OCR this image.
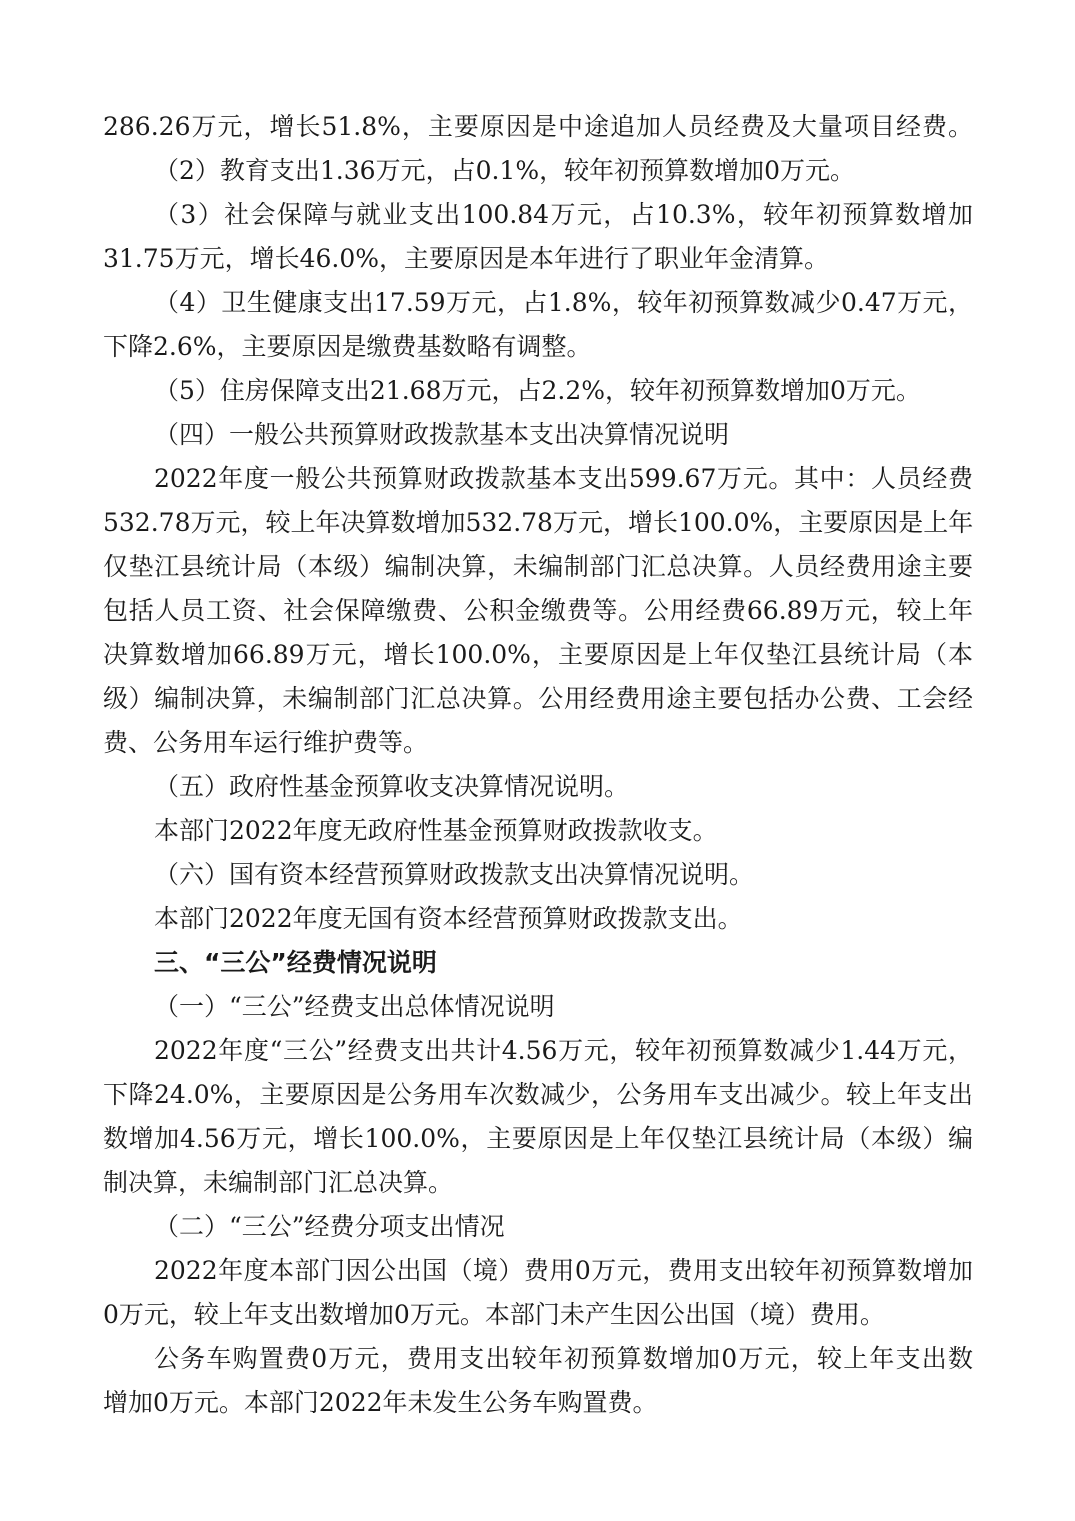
286.26万元，增长51.8%，主要原因是中途追加人员经费及大量项目经费。
（2）教育支出1.36万元，占0.1%，较年初预算数增加0万元。
（3）社会保障与就业支出100.84万元，占10.3%，较年初预算数增加
31.75万元，增长46.0%，主要原因是本年进行了职业年金清算。
（4）卫生健康支出17.59万元，占1.8%，较年初预算数减少0.47万元，
下降2.6%，主要原因是缴费基数略有调整。
（5）住房保障支出21.68万元，占2.2%，较年初预算数增加0万元。
（四）一般公共预算财政拨款基本支出决算情况说明
2022年度一般公共预算财政拨款基本支出599.67万元。其中：人员经费
532.78万元，较上年决算数增加532.78万元，增长100.0%，主要原因是上年
仅垫江县统计局（本级）编制决算，未编制部门汇总决算。人员经费用途主要
包括人员工资、社会保障缴费、公积金缴费等。公用经费66.89万元，较上年
决算数增加66.89万元，增长100.0%，主要原因是上年仅垫江县统计局（本
级）编制决算，未编制部门汇总决算。公用经费用途主要包括办公费、工会经
费、公务用车运行维护费等。
（五）政府性基金预算收支决算情况说明。
本部门2022年度无政府性基金预算财政拨款收支。
（六）国有资本经营预算财政拨款支出决算情况说明。
本部门2022年度无国有资本经营预算财政拨款支出。
三、“三公”经费情况说明
（一）“三公”经费支出总体情况说明
2022年度“三公”经费支出共计4.56万元，较年初预算数减少1.44万元，
下降24.0%，主要原因是公务用车次数减少，公务用车支出减少。较上年支出
数增加4.56万元，增长100.0%，主要原因是上年仅垫江县统计局（本级）编
制决算，未编制部门汇总决算。
（二）“三公”经费分项支出情况
2022年度本部门因公出国（境）费用0万元，费用支出较年初预算数增加
0万元，较上年支出数增加0万元。本部门未产生因公出国（境）费用。
公务车购置费0万元，费用支出较年初预算数增加0万元，较上年支出数
增加0万元。本部门2022年未发生公务车购置费。
